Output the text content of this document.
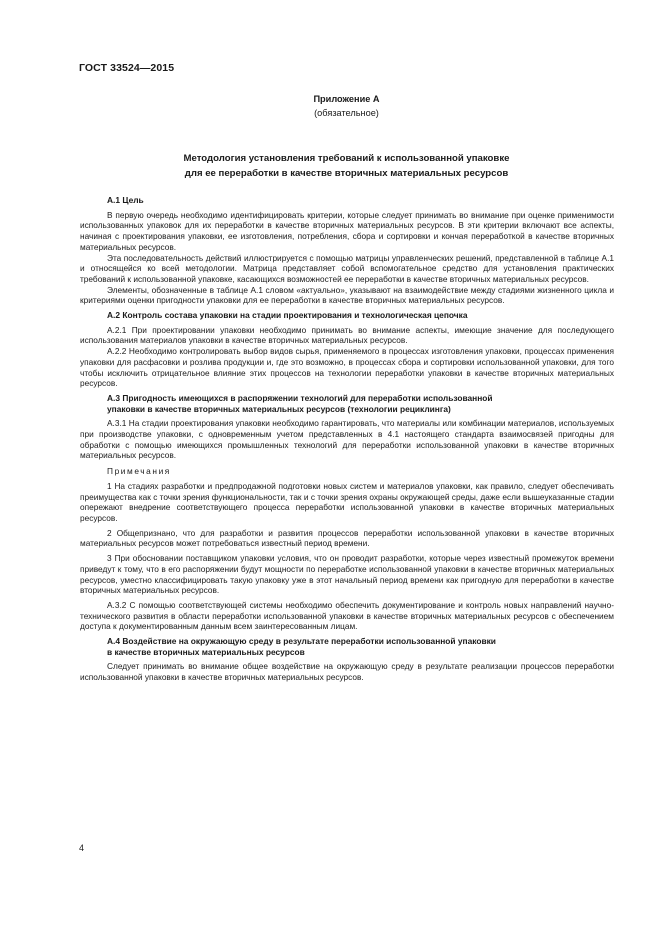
ГОСТ 33524—2015
Приложение А
(обязательное)
Методология установления требований к использованной упаковке
для ее переработки в качестве вторичных материальных ресурсов
А.1 Цель

В первую очередь необходимо идентифицировать критерии, которые следует принимать во внимание при оценке применимости использованных упаковок для их переработки в качестве вторичных материальных ресурсов. В эти критерии включают все аспекты, начиная с проектирования упаковки, ее изготовления, потребления, сбора и сортировки и кончая переработкой в качестве вторичных материальных ресурсов.

Эта последовательность действий иллюстрируется с помощью матрицы управленческих решений, представленной в таблице А.1 и относящейся ко всей методологии. Матрица представляет собой вспомогательное средство для установления практических требований к использованной упаковке, касающихся возможностей ее переработки в качестве вторичных материальных ресурсов.

Элементы, обозначенные в таблице А.1 словом «актуально», указывают на взаимодействие между стадиями жизненного цикла и критериями оценки пригодности упаковки для ее переработки в качестве вторичных материальных ресурсов.

А.2 Контроль состава упаковки на стадии проектирования и технологическая цепочка

А.2.1 При проектировании упаковки необходимо принимать во внимание аспекты, имеющие значение для последующего использования материалов упаковки в качестве вторичных материальных ресурсов.

А.2.2 Необходимо контролировать выбор видов сырья, применяемого в процессах изготовления упаковки, процессах применения упаковки для расфасовки и розлива продукции и, где это возможно, в процессах сбора и сортировки использованной упаковки, для того чтобы исключить отрицательное влияние этих процессов на технологии переработки упаковки в качестве вторичных материальных ресурсов.

А.3 Пригодность имеющихся в распоряжении технологий для переработки использованной
упаковки в качестве вторичных материальных ресурсов (технологии рециклинга)

А.3.1 На стадии проектирования упаковки необходимо гарантировать, что материалы или комбинации материалов, используемых при производстве упаковки, с одновременным учетом представленных в 4.1 настоящего стандарта взаимосвязей пригодны для обработки с помощью имеющихся промышленных технологий для переработки использованной упаковки в качестве вторичных материальных ресурсов.

Примечания

1 На стадиях разработки и предпродажной подготовки новых систем и материалов упаковки, как правило, следует обеспечивать преимущества как с точки зрения функциональности, так и с точки зрения охраны окружающей среды, даже если вышеуказанные стадии опережают внедрение соответствующего процесса переработки использованной упаковки в качестве вторичных материальных ресурсов.

2 Общепризнано, что для разработки и развития процессов переработки использованной упаковки в качестве вторичных материальных ресурсов может потребоваться известный период времени.

3 При обосновании поставщиком упаковки условия, что он проводит разработки, которые через известный промежуток времени приведут к тому, что в его распоряжении будут мощности по переработке использованной упаковки в качестве вторичных материальных ресурсов, уместно классифицировать такую упаковку уже в этот начальный период времени как пригодную для переработки в качестве вторичных материальных ресурсов.

А.3.2 С помощью соответствующей системы необходимо обеспечить документирование и контроль новых направлений научно-технического развития в области переработки использованной упаковки в качестве вторичных материальных ресурсов с обеспечением доступа к документированным данным всем заинтересованным лицам.

А.4 Воздействие на окружающую среду в результате переработки использованной упаковки
в качестве вторичных материальных ресурсов

Следует принимать во внимание общее воздействие на окружающую среду в результате реализации процессов переработки использованной упаковки в качестве вторичных материальных ресурсов.

4
